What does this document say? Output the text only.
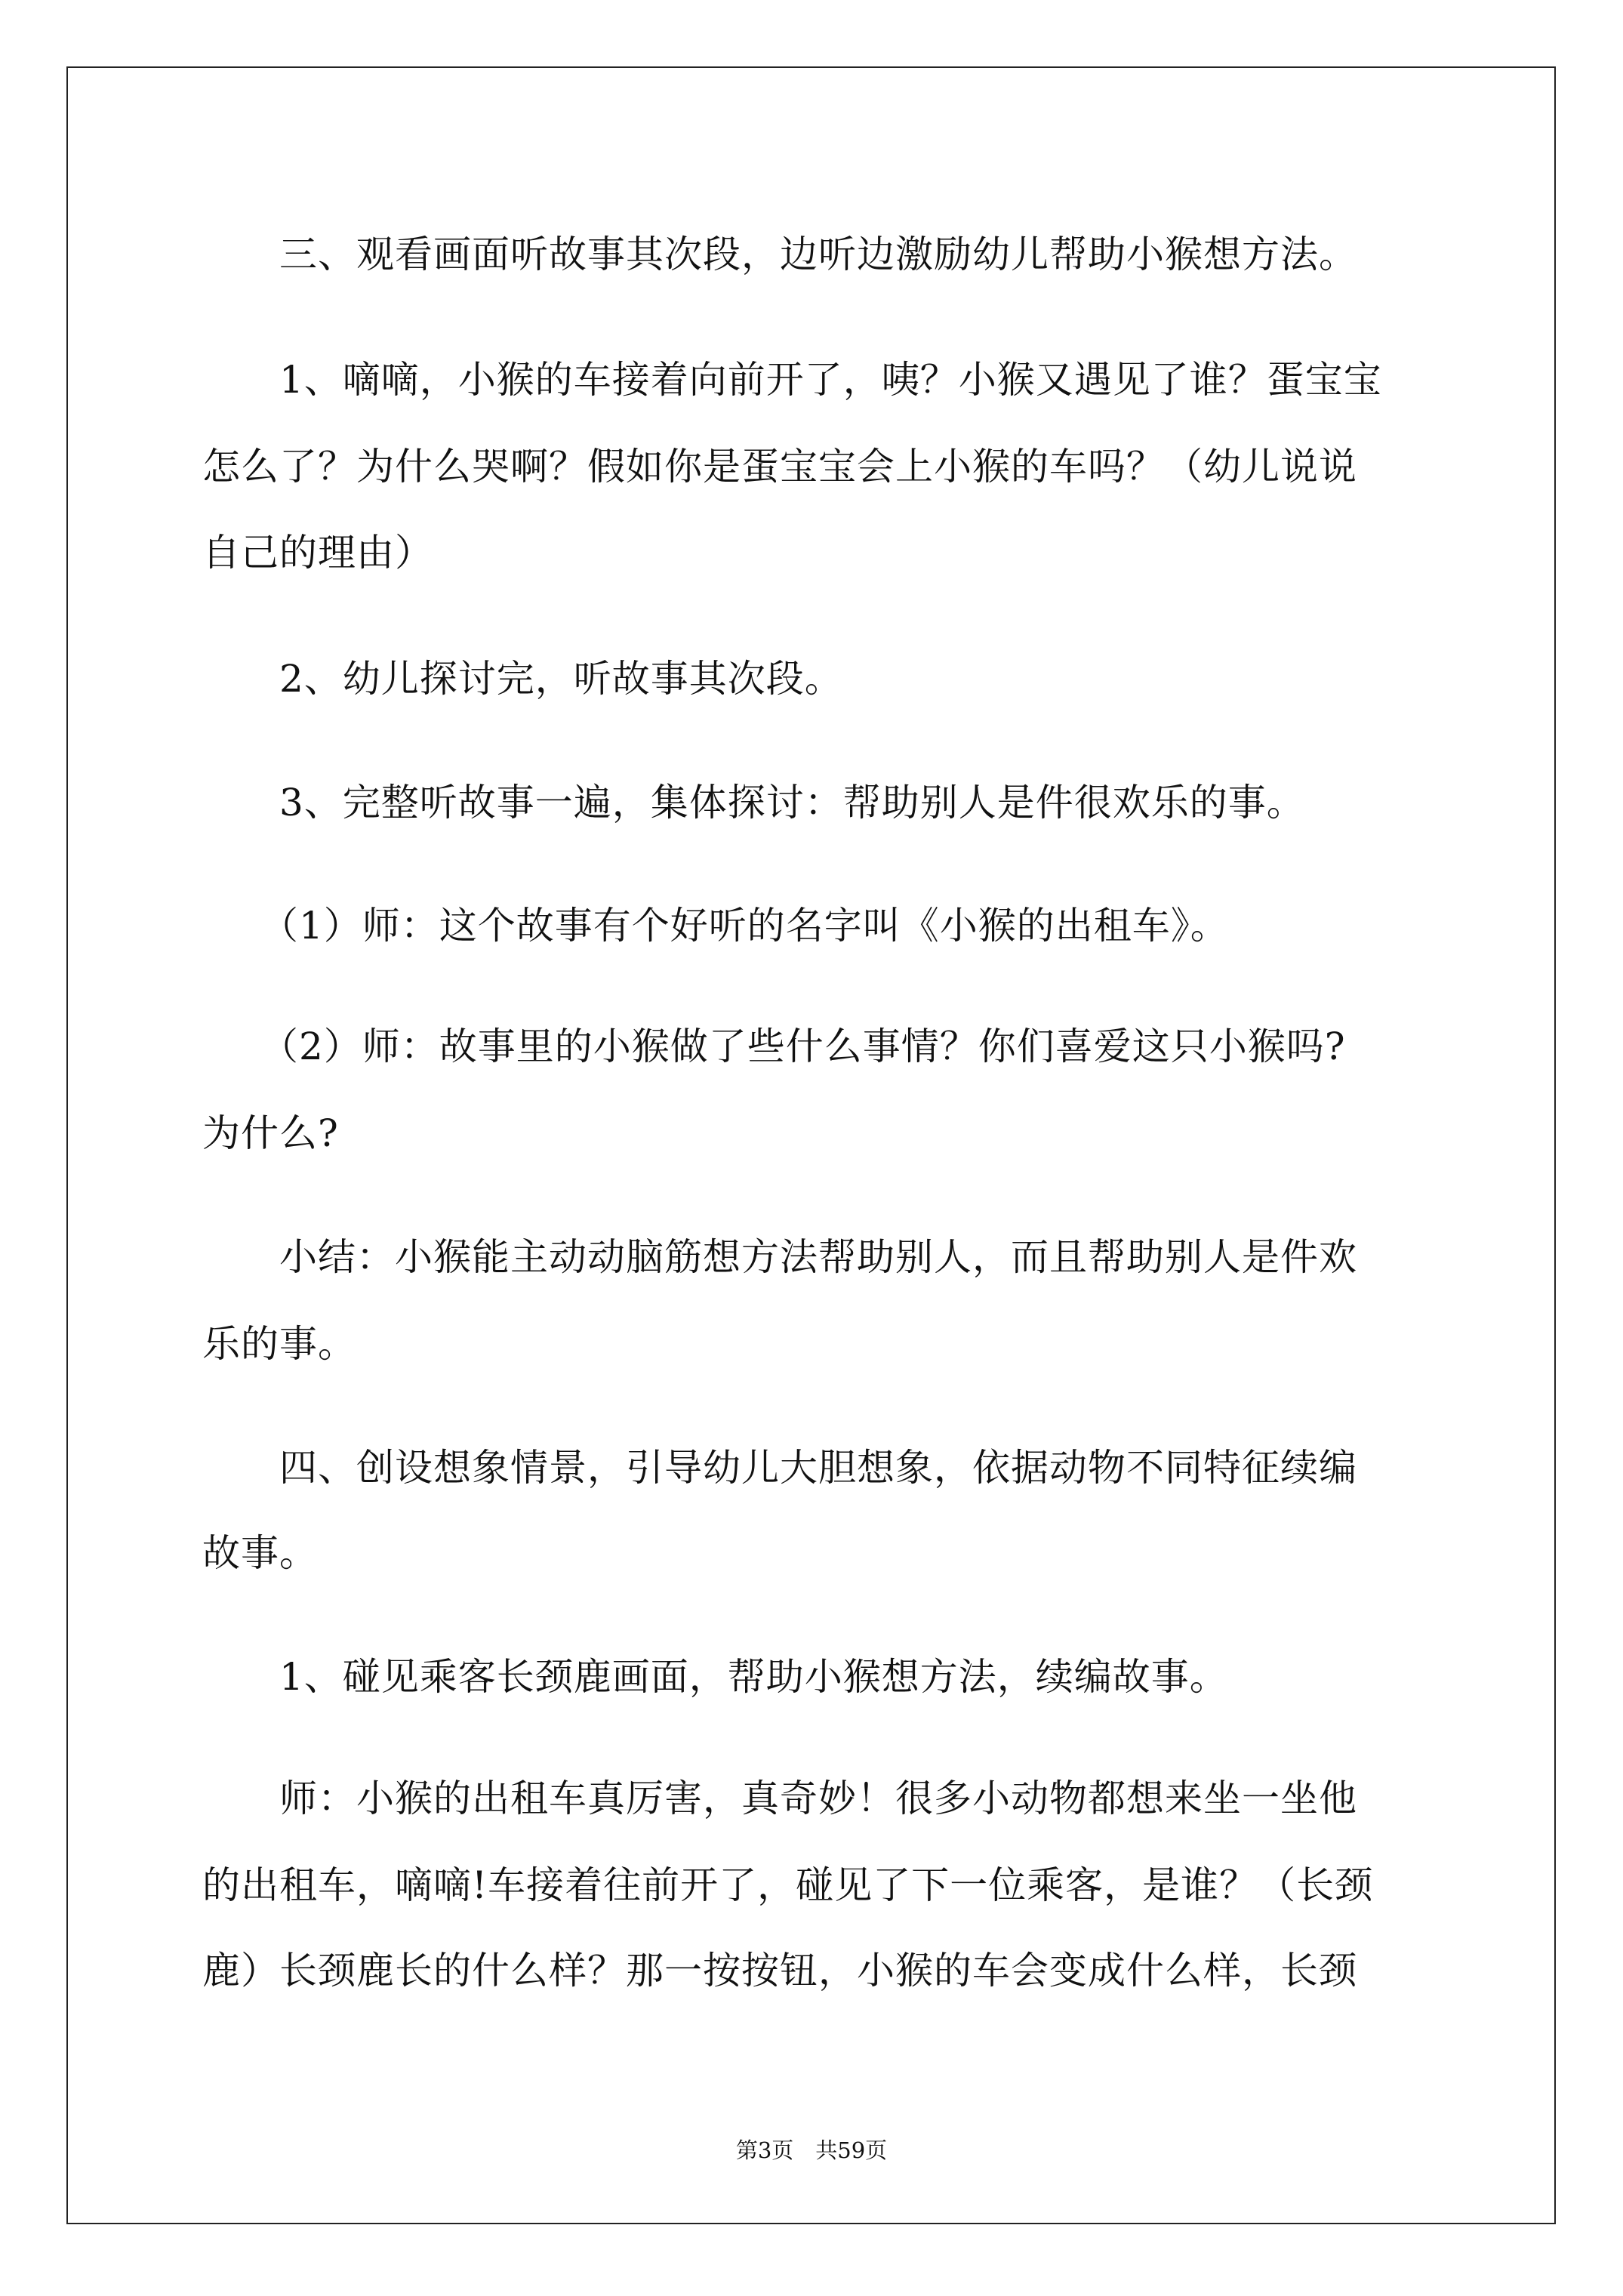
　　三、观看画面听故事其次段，边听边激励幼儿帮助小猴想方法。
　　1、嘀嘀，小猴的车接着向前开了，咦？小猴又遇见了谁？蛋宝宝
怎么了？为什么哭啊？假如你是蛋宝宝会上小猴的车吗？（幼儿说说
自己的理由）
　　2、幼儿探讨完，听故事其次段。
　　3、完整听故事一遍，集体探讨：帮助别人是件很欢乐的事。
　　（1）师：这个故事有个好听的名字叫《小猴的出租车》。
　　（2）师：故事里的小猴做了些什么事情？你们喜爱这只小猴吗?
为什么?
　　小结：小猴能主动动脑筋想方法帮助别人，而且帮助别人是件欢
乐的事。
　　四、创设想象情景，引导幼儿大胆想象，依据动物不同特征续编
故事。
　　1、碰见乘客长颈鹿画面，帮助小猴想方法，续编故事。
　　师：小猴的出租车真厉害，真奇妙！很多小动物都想来坐一坐他
的出租车，嘀嘀!车接着往前开了，碰见了下一位乘客，是谁？（长颈
鹿）长颈鹿长的什么样？那一按按钮，小猴的车会变成什么样，长颈
第3页　共59页
